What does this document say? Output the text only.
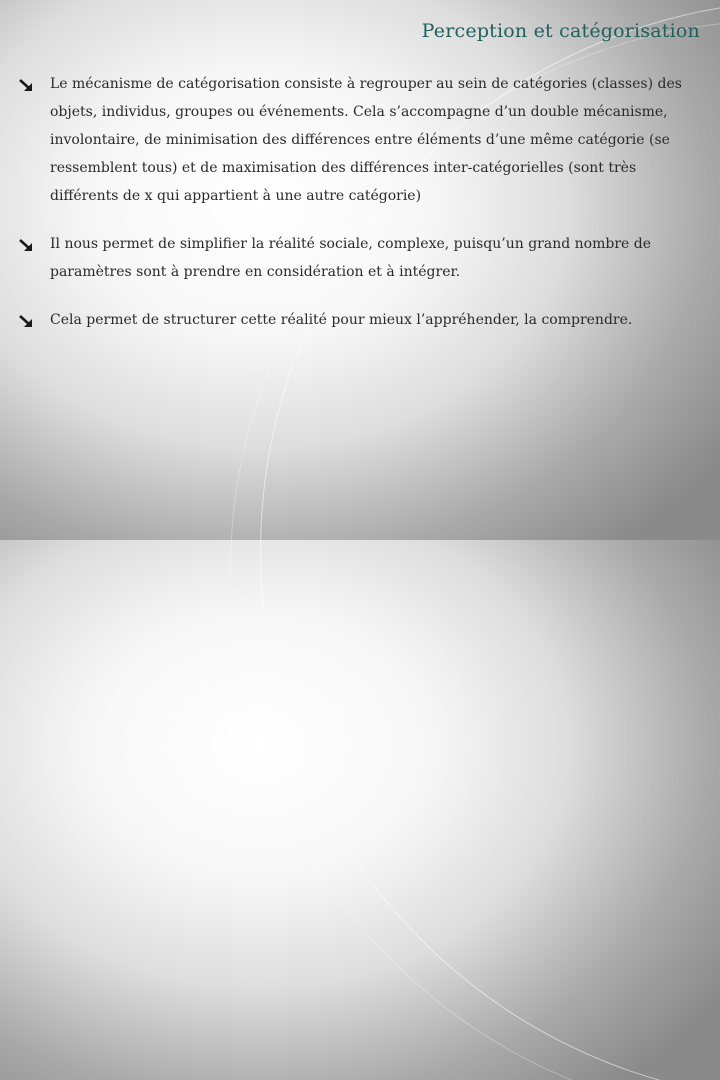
Perception et catégorisation
Le mécanisme de catégorisation consiste à regrouper au sein de catégories (classes) des objets, individus, groupes ou événements. Cela s’accompagne d’un double mécanisme, involontaire, de minimisation des différences entre éléments d’une même catégorie (se ressemblent tous) et de maximisation des différences inter-catégorielles (sont très différents de x qui appartient à une autre catégorie)
Il nous permet de simplifier la réalité sociale, complexe, puisqu’un grand nombre de paramètres sont à prendre en considération et à intégrer.
Cela permet de structurer cette réalité pour mieux l’appréhender, la comprendre.
